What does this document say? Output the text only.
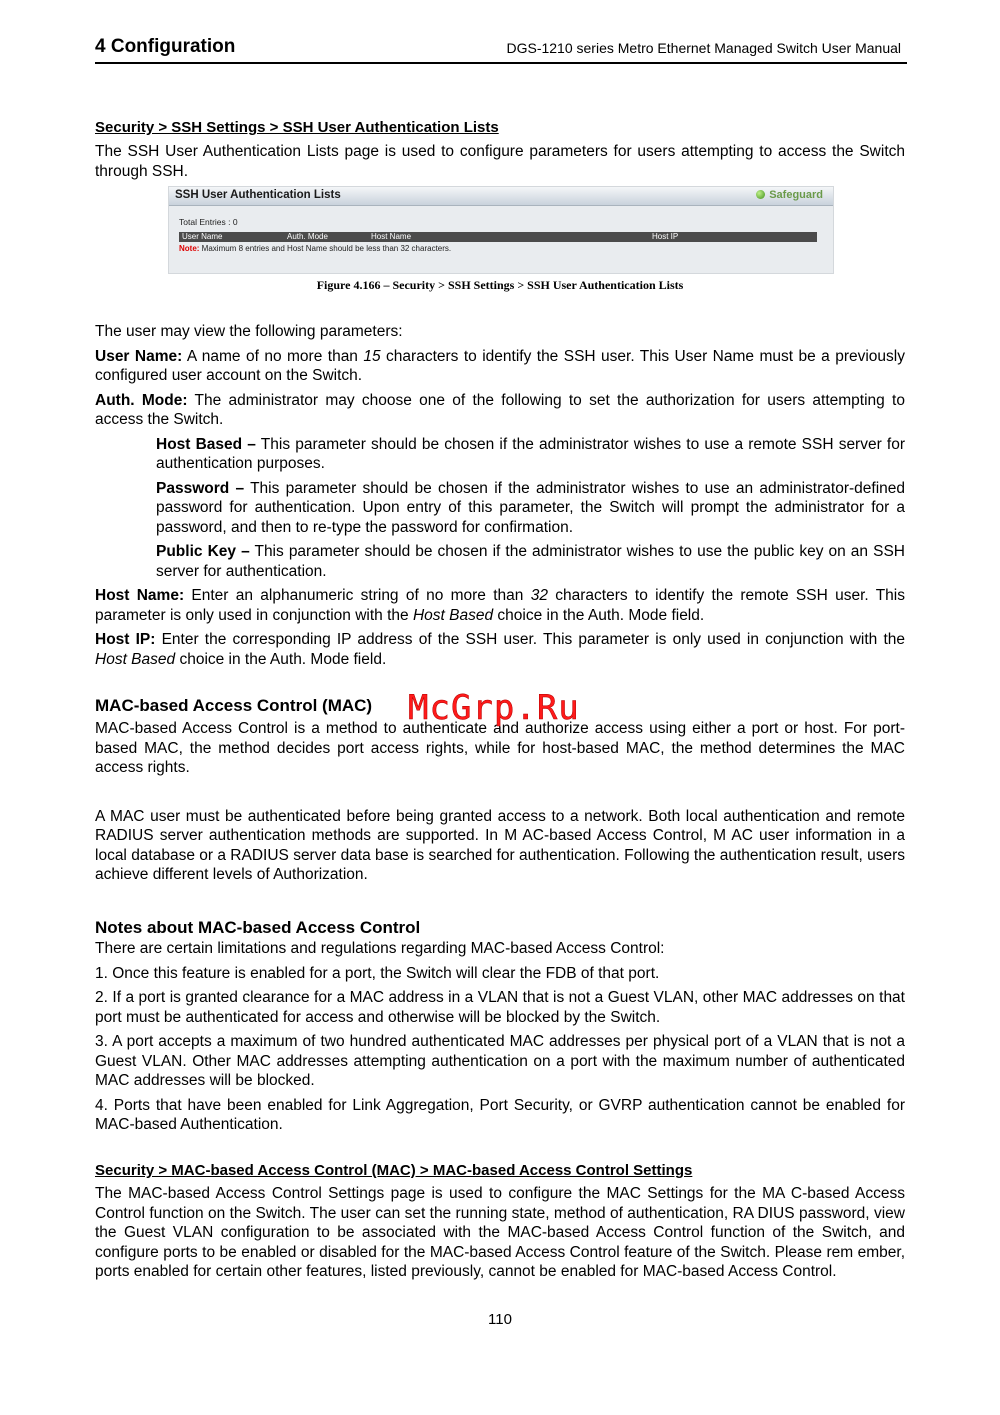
4 Configuration	DGS-1210 series Metro Ethernet Managed Switch User Manual
Security > SSH Settings > SSH User Authentication Lists

The SSH User Authentication Lists page is used to configure parameters for users attempting to access the Switch through SSH.

SSH User Authentication Lists	Safeguard
Total Entries : 0
User Name	Auth. Mode	Host Name	Host IP
Note: Maximum 8 entries and Host Name should be less than 32 characters.
Figure 4.166 – Security > SSH Settings > SSH User Authentication Lists

The user may view the following parameters:

User Name: A name of no more than 15 characters to identify the SSH user. This User Name must be a previously configured user account on the Switch.

Auth. Mode: The administrator may choose one of the following to set the authorization for users attempting to access the Switch.

Host Based – This parameter should be chosen if the administrator wishes to use a remote SSH server for authentication purposes.

Password – This parameter should be chosen if the administrator wishes to use an administrator-defined password for authentication. Upon entry of this parameter, the Switch will prompt the administrator for a password, and then to re-type the password for confirmation.

Public Key – This parameter should be chosen if the administrator wishes to use the public key on an SSH server for authentication.

Host Name: Enter an alphanumeric string of no more than 32 characters to identify the remote SSH user. This parameter is only used in conjunction with the Host Based choice in the Auth. Mode field.

Host IP: Enter the corresponding IP address of the SSH user. This parameter is only used in conjunction with the Host Based choice in the Auth. Mode field.

MAC-based Access Control (MAC)

MAC-based Access Control is a method to authenticate and authorize access using either a port or host. For port-based MAC, the method decides port access rights, while for host-based MAC, the method determines the MAC access rights.

A MAC user must be authenticated before being granted access to a network. Both local authentication and remote RADIUS server authentication methods are supported. In M AC-based Access Control, M AC user information in a local database or a RADIUS server data base is searched for authentication. Following the authentication result, users achieve different levels of Authorization.

Notes about MAC-based Access Control

There are certain limitations and regulations regarding MAC-based Access Control:

1. Once this feature is enabled for a port, the Switch will clear the FDB of that port.

2. If a port is granted clearance for a MAC address in a VLAN that is not a Guest VLAN, other MAC addresses on that port must be authenticated for access and otherwise will be blocked by the Switch.

3. A port accepts a maximum of two hundred authenticated MAC addresses per physical port of a VLAN that is not a Guest VLAN. Other MAC addresses attempting authentication on a port with the maximum number of authenticated MAC addresses will be blocked.

4. Ports that have been enabled for Link Aggregation, Port Security, or GVRP authentication cannot be enabled for MAC-based Authentication.

Security > MAC-based Access Control (MAC) > MAC-based Access Control Settings

The MAC-based Access Control Settings page is used to configure the MAC Settings for the MA C-based Access Control function on the Switch. The user can set the running state, method of authentication, RA DIUS password, view the Guest VLAN configuration to be associated with the MAC-based Access Control function of the Switch, and configure ports to be enabled or disabled for the MAC-based Access Control feature of the Switch. Please rem ember, ports enabled for certain other features, listed previously, cannot be enabled for MAC-based Access Control.

McGrp.Ru
110
